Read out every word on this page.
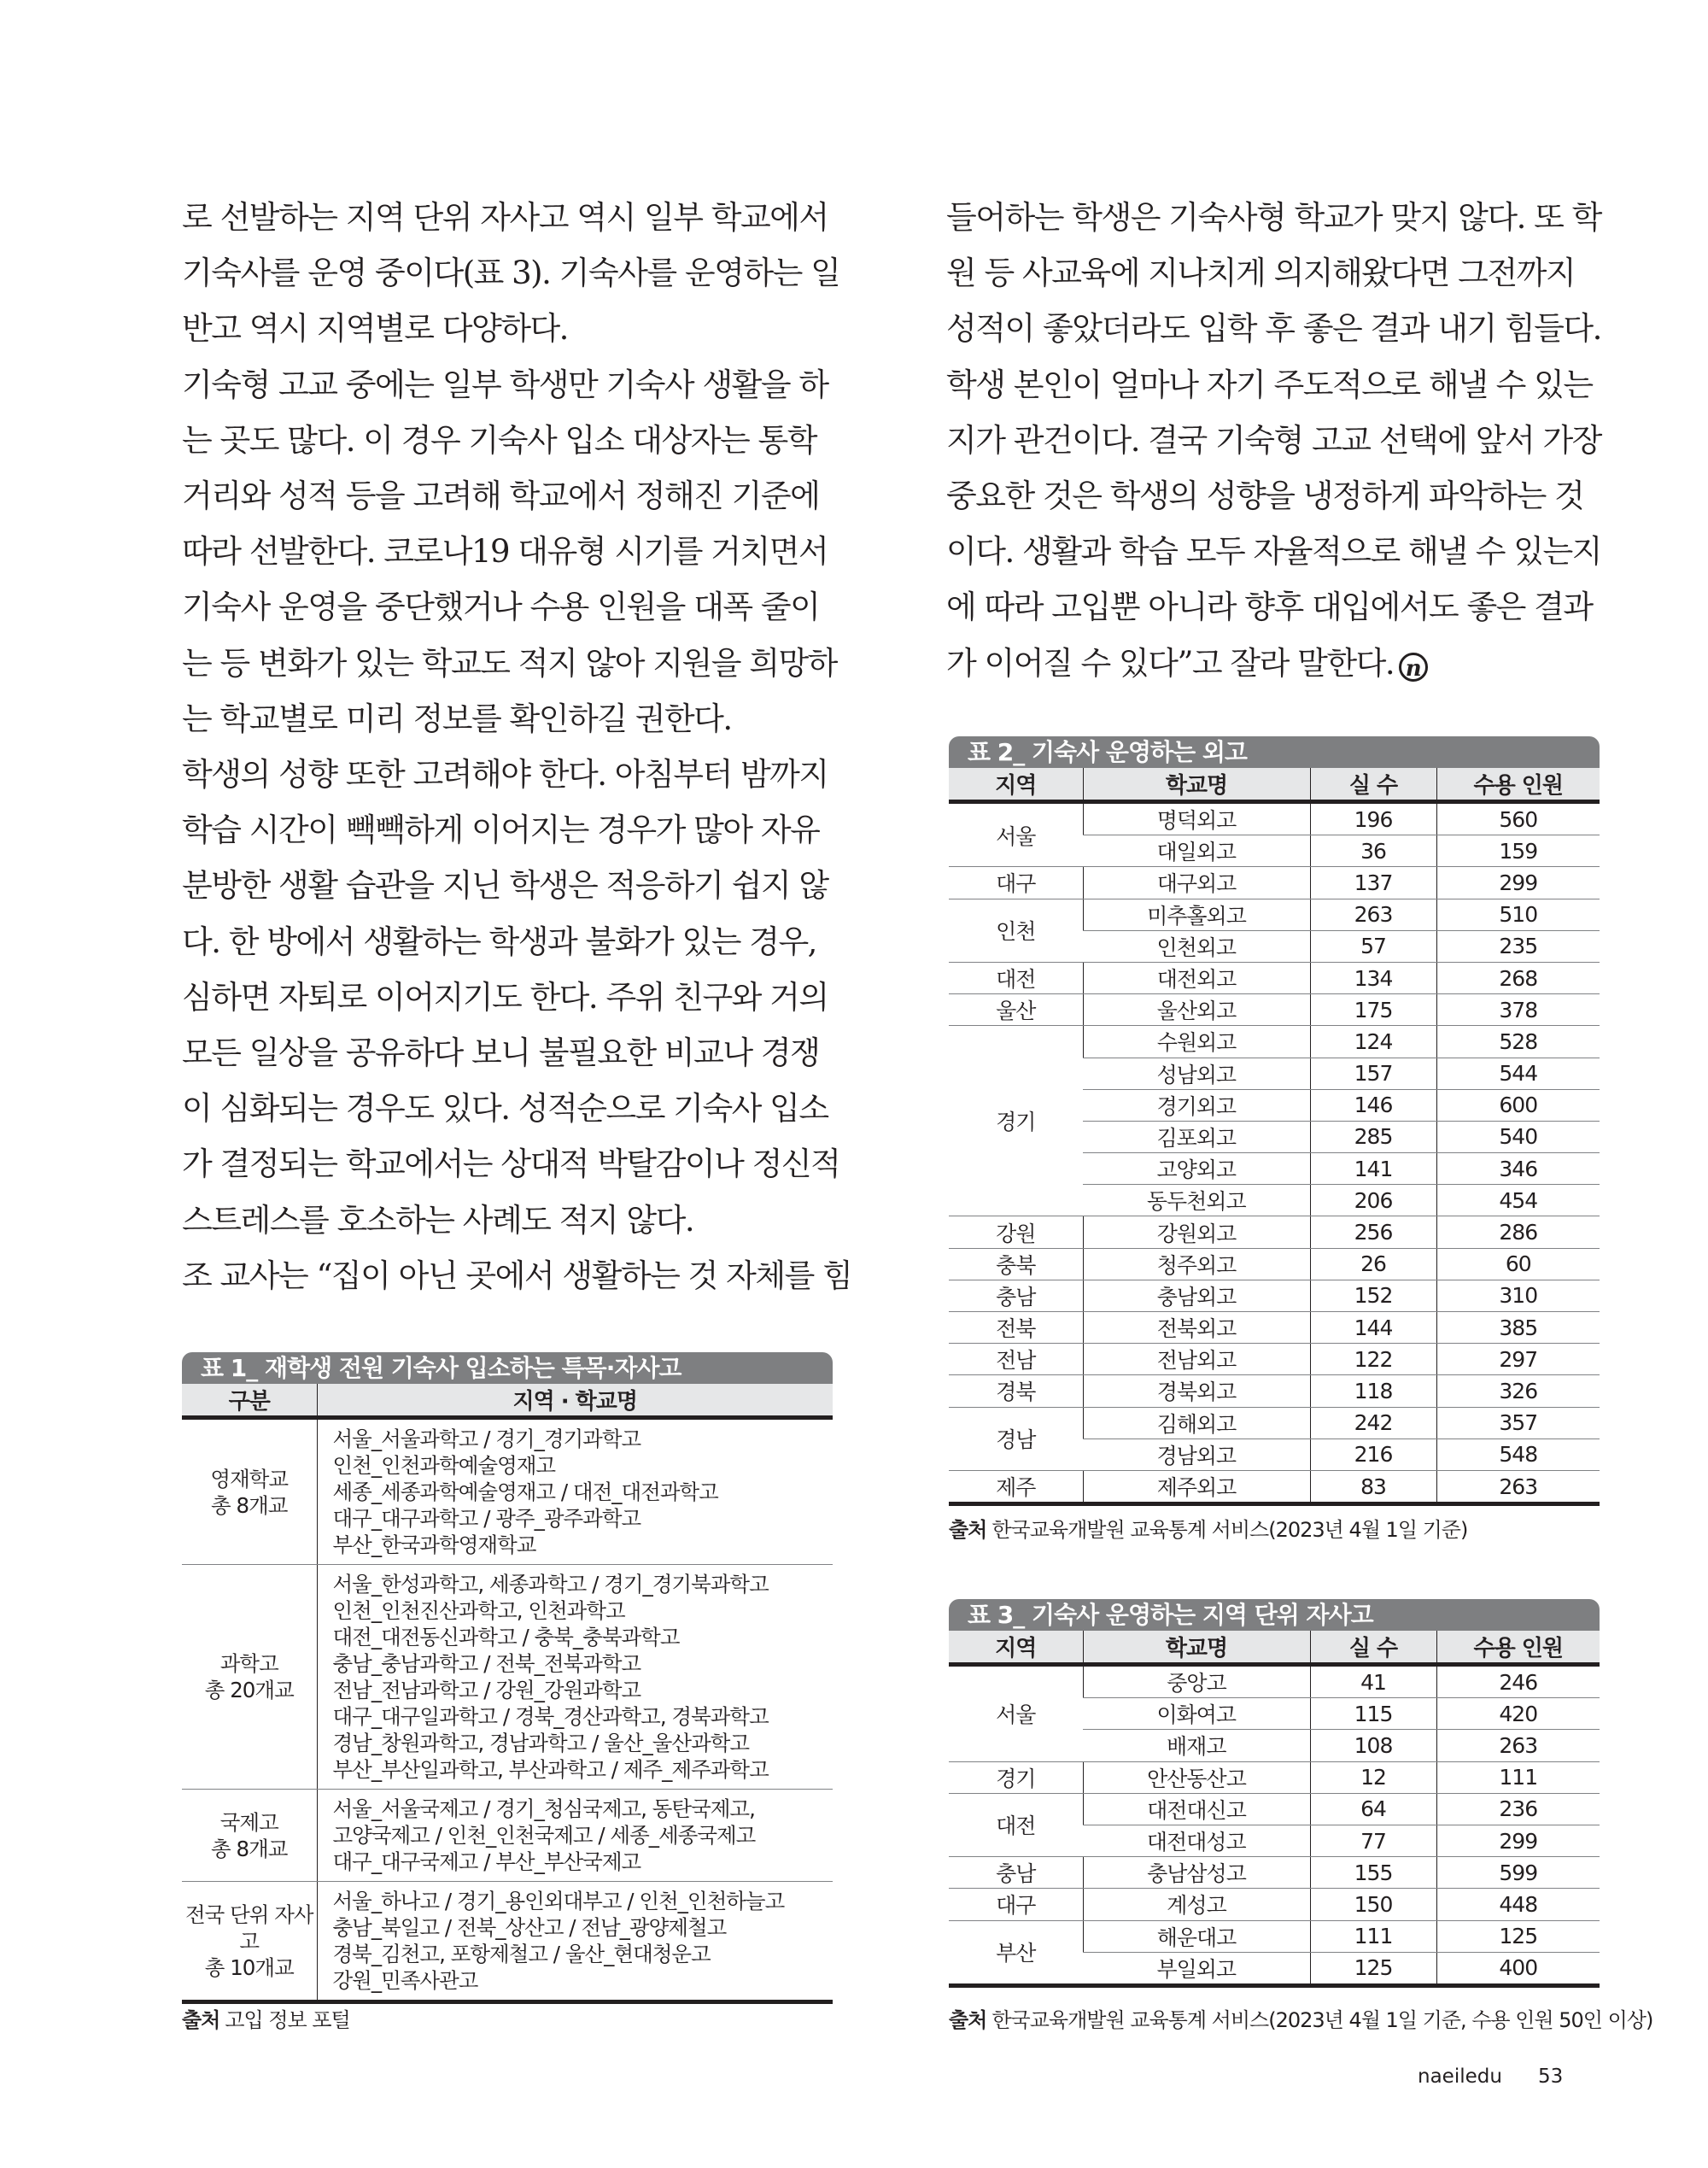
로 선발하는 지역 단위 자사고 역시 일부 학교에서

기숙사를 운영 중이다(표 3). 기숙사를 운영하는 일

반고 역시 지역별로 다양하다.

기숙형 고교 중에는 일부 학생만 기숙사 생활을 하

는 곳도 많다. 이 경우 기숙사 입소 대상자는 통학

거리와 성적 등을 고려해 학교에서 정해진 기준에

따라 선발한다. 코로나19 대유형 시기를 거치면서

기숙사 운영을 중단했거나 수용 인원을 대폭 줄이

는 등 변화가 있는 학교도 적지 않아 지원을 희망하

는 학교별로 미리 정보를 확인하길 권한다.

학생의 성향 또한 고려해야 한다. 아침부터 밤까지

학습 시간이 빽빽하게 이어지는 경우가 많아 자유

분방한 생활 습관을 지닌 학생은 적응하기 쉽지 않

다. 한 방에서 생활하는 학생과 불화가 있는 경우,

심하면 자퇴로 이어지기도 한다. 주위 친구와 거의

모든 일상을 공유하다 보니 불필요한 비교나 경쟁

이 심화되는 경우도 있다. 성적순으로 기숙사 입소

가 결정되는 학교에서는 상대적 박탈감이나 정신적

스트레스를 호소하는 사례도 적지 않다.

조 교사는 “집이 아닌 곳에서 생활하는 것 자체를 힘

들어하는 학생은 기숙사형 학교가 맞지 않다. 또 학

원 등 사교육에 지나치게 의지해왔다면 그전까지

성적이 좋았더라도 입학 후 좋은 결과 내기 힘들다.

학생 본인이 얼마나 자기 주도적으로 해낼 수 있는

지가 관건이다. 결국 기숙형 고교 선택에 앞서 가장

중요한 것은 학생의 성향을 냉정하게 파악하는 것

이다. 생활과 학습 모두 자율적으로 해낼 수 있는지

에 따라 고입뿐 아니라 향후 대입에서도 좋은 결과

가 이어질 수 있다”고 잘라 말한다. n

표 1_ 재학생 전원 기숙사 입소하는 특목·자사고
구분	지역 · 학교명

영재학교
총 8개교

서울_서울과학고 / 경기_경기과학고
인천_인천과학예술영재고
세종_세종과학예술영재고 / 대전_대전과학고
대구_대구과학고 / 광주_광주과학고
부산_한국과학영재학교

과학고
총 20개교

서울_한성과학고, 세종과학고 / 경기_경기북과학고
인천_인천진산과학고, 인천과학고
대전_대전동신과학고 / 충북_충북과학고
충남_충남과학고 / 전북_전북과학고
전남_전남과학고 / 강원_강원과학고
대구_대구일과학고 / 경북_경산과학고, 경북과학고
경남_창원과학고, 경남과학고 / 울산_울산과학고
부산_부산일과학고, 부산과학고 / 제주_제주과학고

국제고
총 8개교

서울_서울국제고 / 경기_청심국제고, 동탄국제고,
고양국제고 / 인천_인천국제고 / 세종_세종국제고
대구_대구국제고 / 부산_부산국제고

전국 단위 자사고
총 10개교

서울_하나고 / 경기_용인외대부고 / 인천_인천하늘고
충남_북일고 / 전북_상산고 / 전남_광양제철고
경북_김천고, 포항제철고 / 울산_현대청운고
강원_민족사관고
출처 고입 정보 포털
표 2_ 기숙사 운영하는 외고
지역	학교명	실 수	수용 인원
서울	명덕외고	196	560
	대일외고	36	159
대구	대구외고	137	299
인천	미추홀외고	263	510
	인천외고	57	235
대전	대전외고	134	268
울산	울산외고	175	378
경기	수원외고	124	528
	성남외고	157	544
	경기외고	146	600
	김포외고	285	540
	고양외고	141	346
	동두천외고	206	454
강원	강원외고	256	286
충북	청주외고	26	60
충남	충남외고	152	310
전북	전북외고	144	385
전남	전남외고	122	297
경북	경북외고	118	326
경남	김해외고	242	357
	경남외고	216	548
제주	제주외고	83	263
출처 한국교육개발원 교육통계 서비스(2023년 4월 1일 기준)
표 3_ 기숙사 운영하는 지역 단위 자사고
지역	학교명	실 수	수용 인원
서울	중앙고	41	246
	이화여고	115	420
	배재고	108	263
경기	안산동산고	12	111
대전	대전대신고	64	236
	대전대성고	77	299
충남	충남삼성고	155	599
대구	계성고	150	448
부산	해운대고	111	125
	부일외고	125	400
출처 한국교육개발원 교육통계 서비스(2023년 4월 1일 기준, 수용 인원 50인 이상)
naeiledu 53
